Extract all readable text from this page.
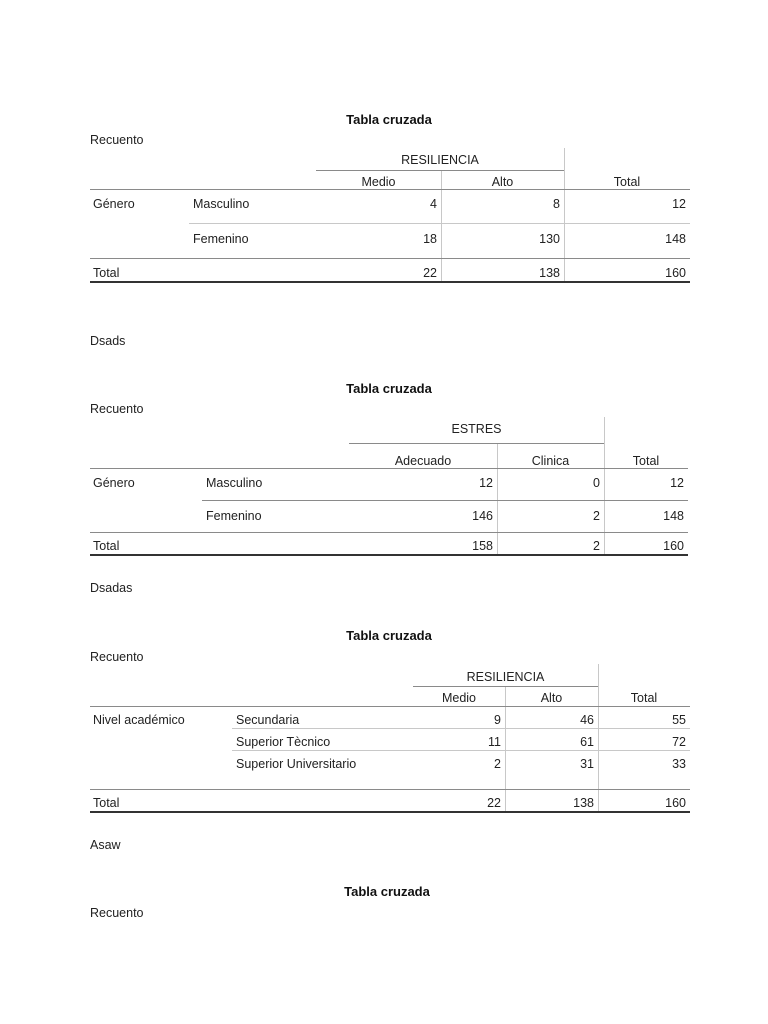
Tabla cruzada
Recuento
RESILIENCIA
Medio	Alto	Total
Género	Masculino	4	8	12
Femenino	18	130	148
Total	22	138	160
Dsads
Tabla cruzada
Recuento
ESTRES
Adecuado	Clinica	Total
Género	Masculino	12	0	12
Femenino	146	2	148
Total	158	2	160
Dsadas
Tabla cruzada
Recuento
RESILIENCIA
Medio	Alto	Total
Nivel académico	Secundaria	9	46	55
Superior Tècnico	11	61	72
Superior Universitario	2	31	33
Total	22	138	160
Asaw
Tabla cruzada
Recuento
